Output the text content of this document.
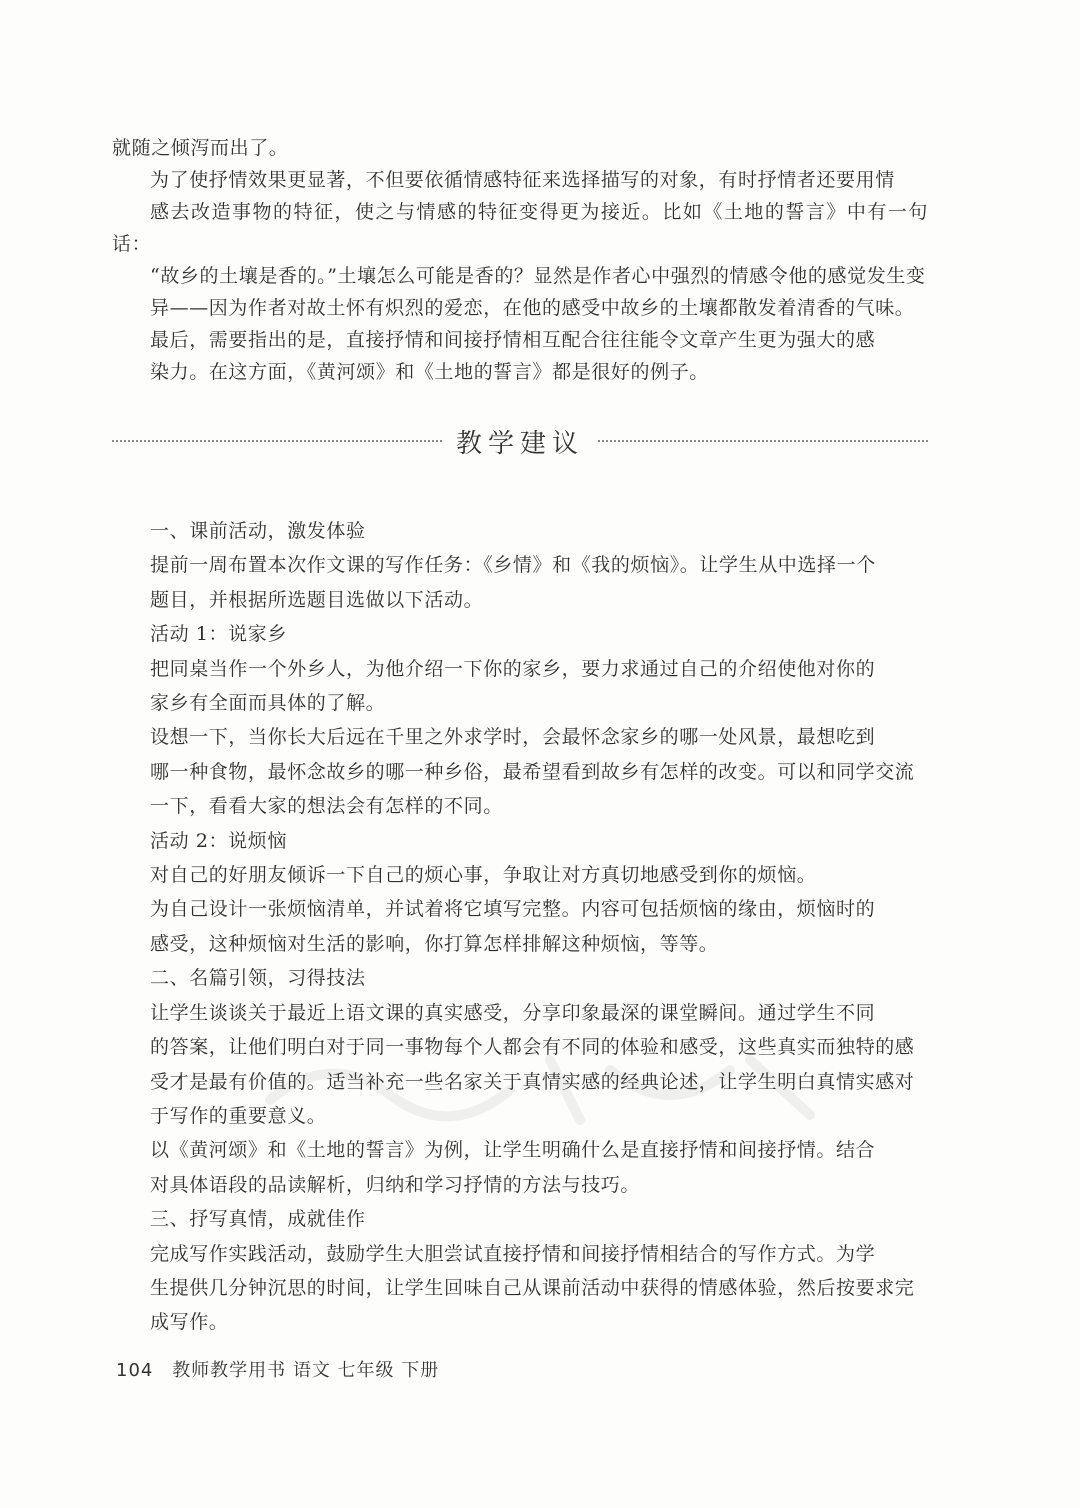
就随之倾泻而出了。

为了使抒情效果更显著，不但要依循情感特征来选择描写的对象，有时抒情者还要用情
感去改造事物的特征，使之与情感的特征变得更为接近。比如《土地的誓言》中有一句话：
“故乡的土壤是香的。”土壤怎么可能是香的？显然是作者心中强烈的情感令他的感觉发生变
异——因为作者对故土怀有炽烈的爱恋，在他的感受中故乡的土壤都散发着清香的气味。

最后，需要指出的是，直接抒情和间接抒情相互配合往往能令文章产生更为强大的感
染力。在这方面，《黄河颂》和《土地的誓言》都是很好的例子。

教学建议

一、课前活动，激发体验

提前一周布置本次作文课的写作任务：《乡情》和《我的烦恼》。让学生从中选择一个
题目，并根据所选题目选做以下活动。

活动 1：说家乡

把同桌当作一个外乡人，为他介绍一下你的家乡，要力求通过自己的介绍使他对你的
家乡有全面而具体的了解。

设想一下，当你长大后远在千里之外求学时，会最怀念家乡的哪一处风景，最想吃到
哪一种食物，最怀念故乡的哪一种乡俗，最希望看到故乡有怎样的改变。可以和同学交流
一下，看看大家的想法会有怎样的不同。

活动 2：说烦恼

对自己的好朋友倾诉一下自己的烦心事，争取让对方真切地感受到你的烦恼。

为自己设计一张烦恼清单，并试着将它填写完整。内容可包括烦恼的缘由，烦恼时的
感受，这种烦恼对生活的影响，你打算怎样排解这种烦恼，等等。

二、名篇引领，习得技法

让学生谈谈关于最近上语文课的真实感受，分享印象最深的课堂瞬间。通过学生不同
的答案，让他们明白对于同一事物每个人都会有不同的体验和感受，这些真实而独特的感
受才是最有价值的。适当补充一些名家关于真情实感的经典论述，让学生明白真情实感对
于写作的重要意义。

以《黄河颂》和《土地的誓言》为例，让学生明确什么是直接抒情和间接抒情。结合
对具体语段的品读解析，归纳和学习抒情的方法与技巧。

三、抒写真情，成就佳作

完成写作实践活动，鼓励学生大胆尝试直接抒情和间接抒情相结合的写作方式。为学
生提供几分钟沉思的时间，让学生回味自己从课前活动中获得的情感体验，然后按要求完
成写作。

104 教师教学用书 语文 七年级 下册
